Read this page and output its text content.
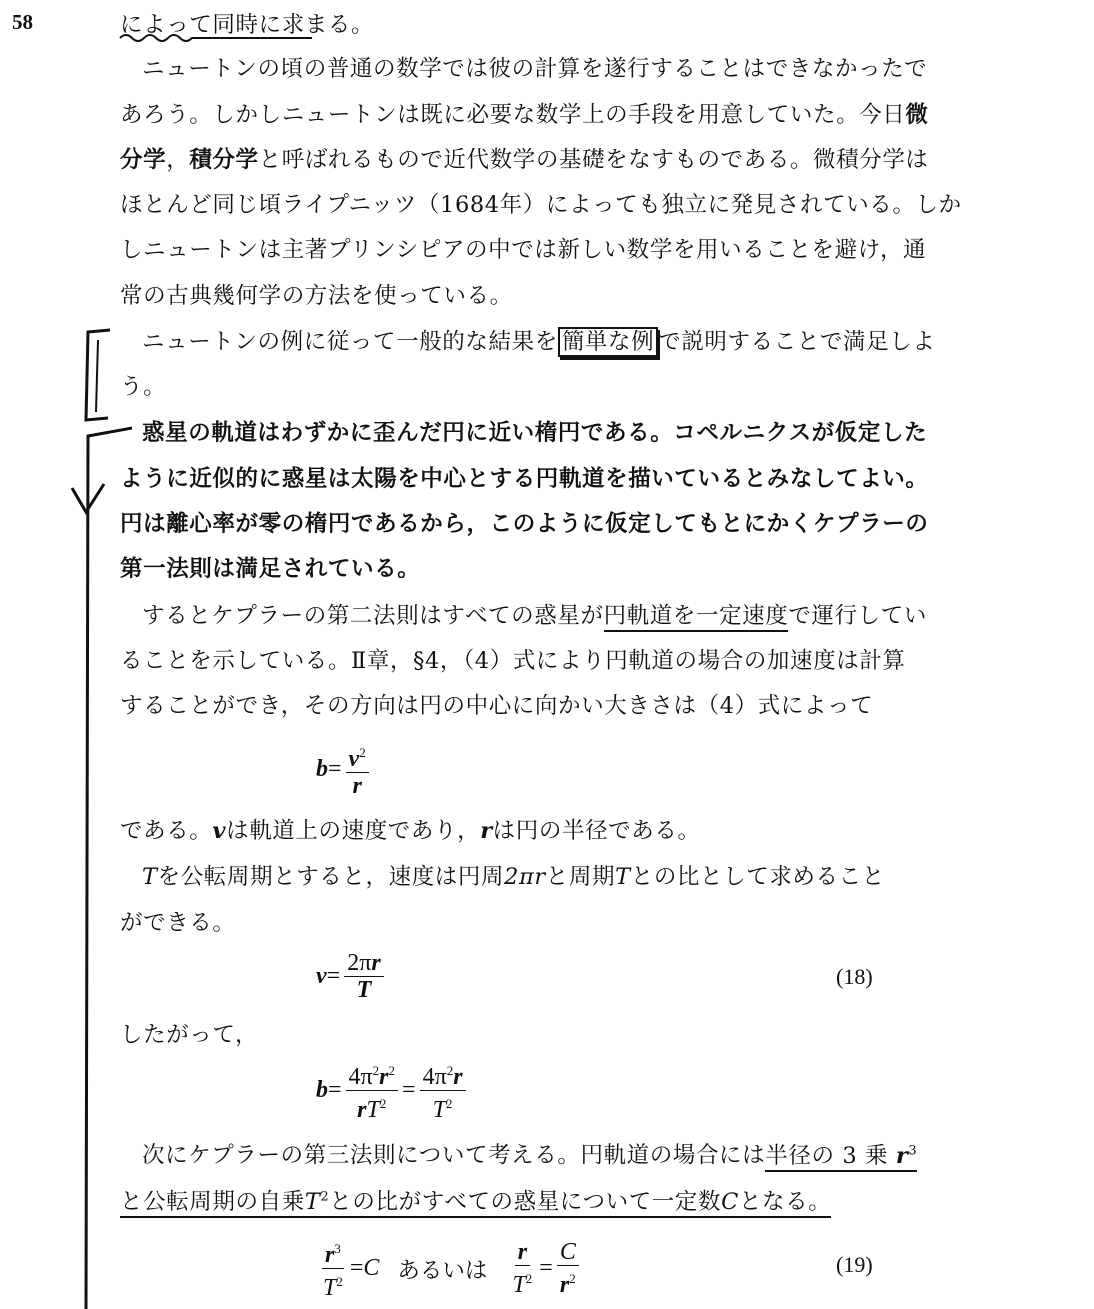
58	によって同時に求まる。
ニュートンの頃の普通の数学では彼の計算を遂行することはできなかったで
あろう。しかしニュートンは既に必要な数学上の手段を用意していた。今日微
分学，積分学と呼ばれるもので近代数学の基礎をなすものである。微積分学は
ほとんど同じ頃ライプニッツ（1684年）によっても独立に発見されている。しか
しニュートンは主著プリンシピアの中では新しい数学を用いることを避け，通
常の古典幾何学の方法を使っている。
ニュートンの例に従って一般的な結果を 簡単な例 で説明することで満足しよ
う。
惑星の軌道はわずかに歪んだ円に近い楕円である。コペルニクスが仮定した
ように近似的に惑星は太陽を中心とする円軌道を描いているとみなしてよい。
円は離心率が零の楕円であるから，このように仮定してもとにかくケプラーの
第一法則は満足されている。
するとケプラーの第二法則はすべての惑星が円軌道を一定速度で運行してい
ることを示している。Ⅱ章，§4，（4）式により円軌道の場合の加速度は計算
することができ，その方向は円の中心に向かい大きさは（4）式によって
$b = \frac{v^2}{r}$
である。vは軌道上の速度であり，rは円の半径である。
Tを公転周期とすると，速度は円周2πrと周期Tとの比として求めること
ができる。
$v = \frac{2\pi r}{T}$	(18)
したがって，
$b = \frac{4\pi^2r^2}{rT^2} = \frac{4\pi^2r}{T^2}$
次にケプラーの第三法則について考える。円軌道の場合には半径の 3 乗 $r^3$
と公転周期の自乗$T^2$との比がすべての惑星について一定数Cとなる。
$\frac{r^3}{T^2} = C$ あるいは $\frac{r}{T^2} = \frac{C}{r^2}$	(19)
